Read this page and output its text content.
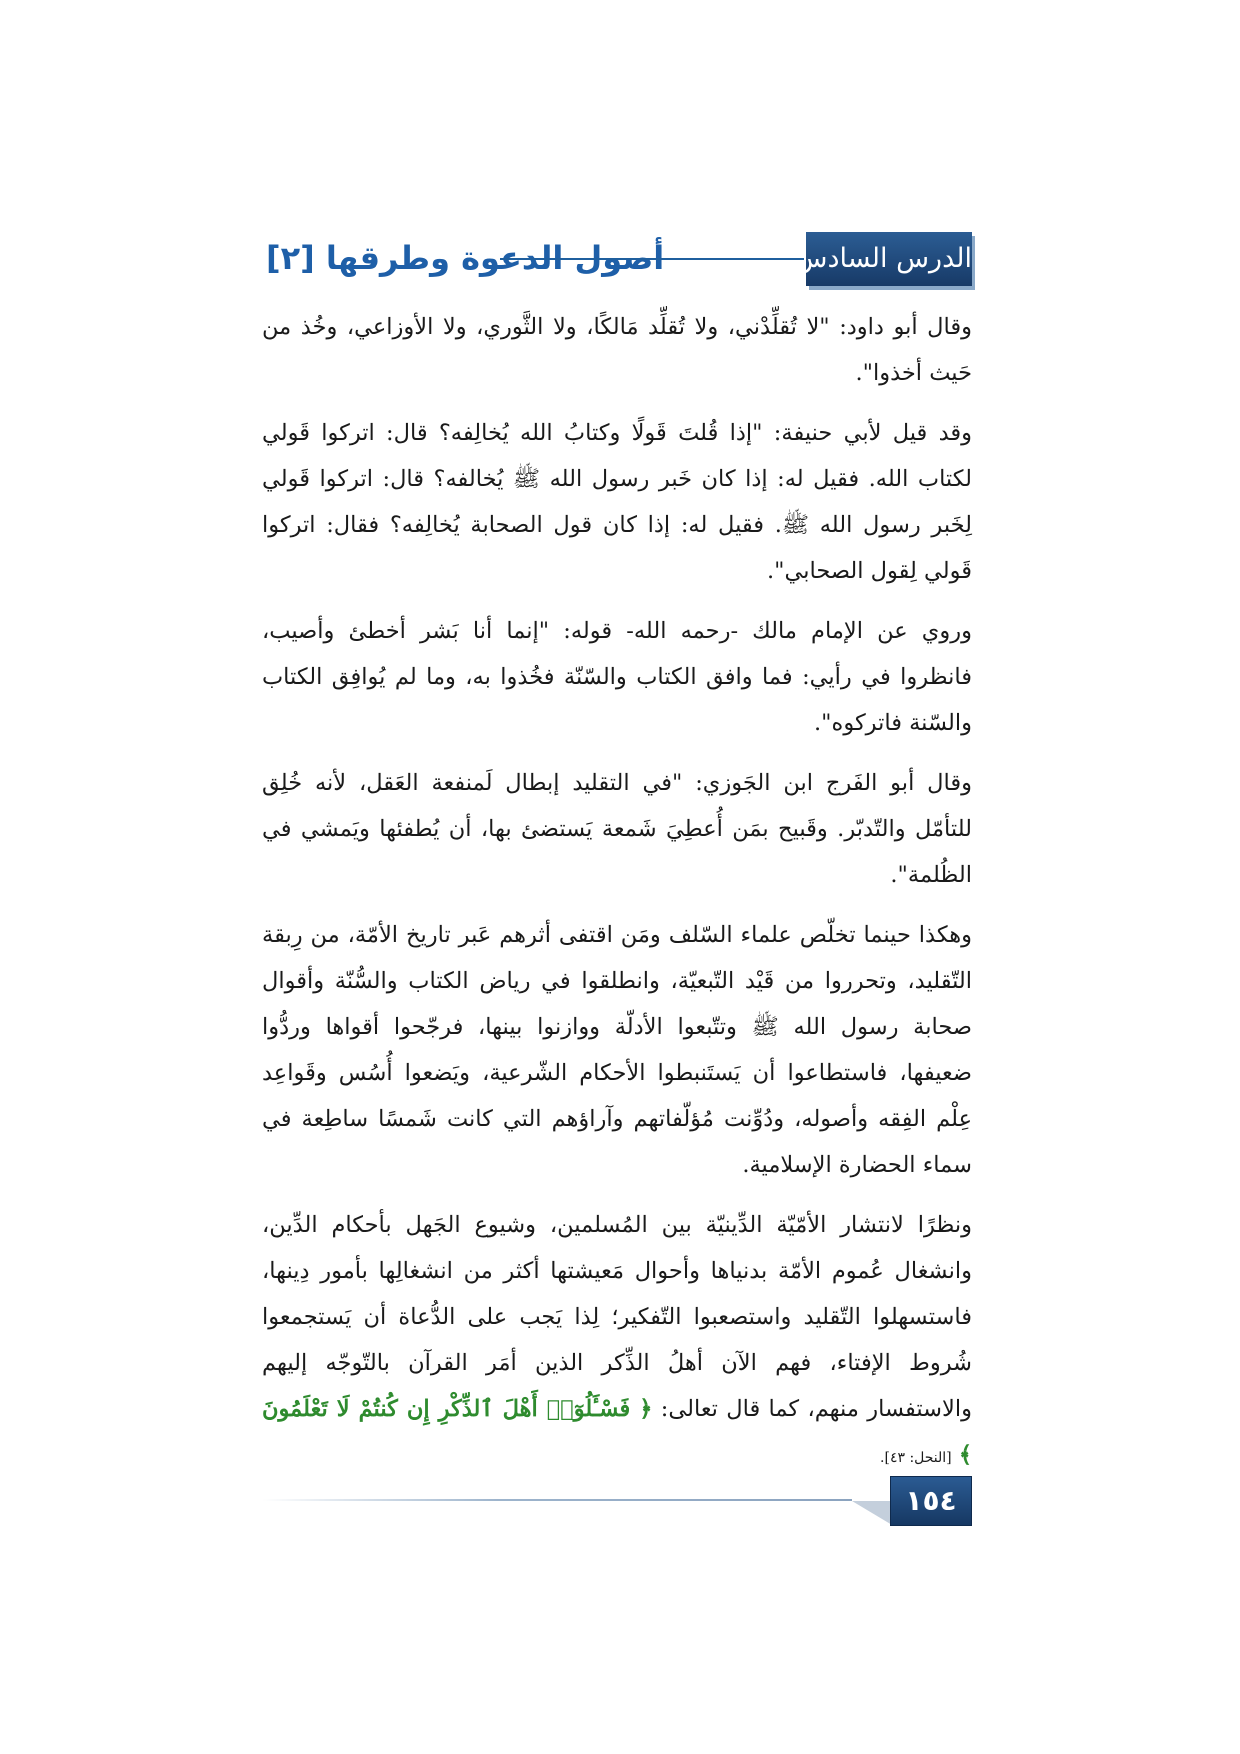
أصول الدعوة وطرقها [٢]	الدرس السادس

وقال أبو داود: "لا تُقلِّدْني، ولا تُقلِّد مَالكًا، ولا الثَّوري، ولا الأوزاعي، وخُذ من حَيث أخذوا".

وقد قيل لأبي حنيفة: "إذا قُلتَ قَولًا وكتابُ الله يُخالِفه؟ قال: اتركوا قَولي لكتاب الله. فقيل له: إذا كان خَبر رسول الله ﷺ يُخالفه؟ قال: اتركوا قَولي لِخَبر رسول الله ﷺ. فقيل له: إذا كان قول الصحابة يُخالِفه؟ فقال: اتركوا قَولي لِقول الصحابي".

وروي عن الإمام مالك -رحمه الله- قوله: "إنما أنا بَشر أخطئ وأصيب، فانظروا في رأيي: فما وافق الكتاب والسّنّة فخُذوا به، وما لم يُوافِق الكتاب والسّنة فاتركوه".

وقال أبو الفَرج ابن الجَوزي: "في التقليد إبطال لَمنفعة العَقل، لأنه خُلِق للتأمّل والتّدبّر. وقَبيح بمَن أُعطِيَ شَمعة يَستضئ بها، أن يُطفئها ويَمشي في الظُلمة".

وهكذا حينما تخلّص علماء السّلف ومَن اقتفى أثرهم عَبر تاريخ الأمّة، من رِبقة التّقليد، وتحرروا من قَيْد التّبعيّة، وانطلقوا في رياض الكتاب والسُّنّة وأقوال صحابة رسول الله ﷺ وتتّبعوا الأدلّة ووازنوا بينها، فرجّحوا أقواها وردُّوا ضعيفها، فاستطاعوا أن يَستَنبطوا الأحكام الشّرعية، ويَضعوا أُسُس وقَواعِد عِلْم الفِقه وأصوله، ودُوِّنت مُؤلّفاتهم وآراؤهم التي كانت شَمسًا ساطِعة في سماء الحضارة الإسلامية.

ونظرًا لانتشار الأمّيّة الدِّينيّة بين المُسلمين، وشيوع الجَهل بأحكام الدِّين، وانشغال عُموم الأمّة بدنياها وأحوال مَعيشتها أكثر من انشغالِها بأمور دِينها، فاستسهلوا التّقليد واستصعبوا التّفكير؛ لِذا يَجب على الدُّعاة أن يَستجمعوا شُروط الإفتاء، فهم الآن أهلُ الذِّكر الذين أمَر القرآن بالتّوجّه إليهم والاستفسار منهم، كما قال تعالى: ﴿ فَسْـَٔلُوٓا۟ أَهْلَ ٱلذِّكْرِ إِن كُنتُمْ لَا تَعْلَمُونَ ﴾ [النحل: ٤٣].

١٥٤
